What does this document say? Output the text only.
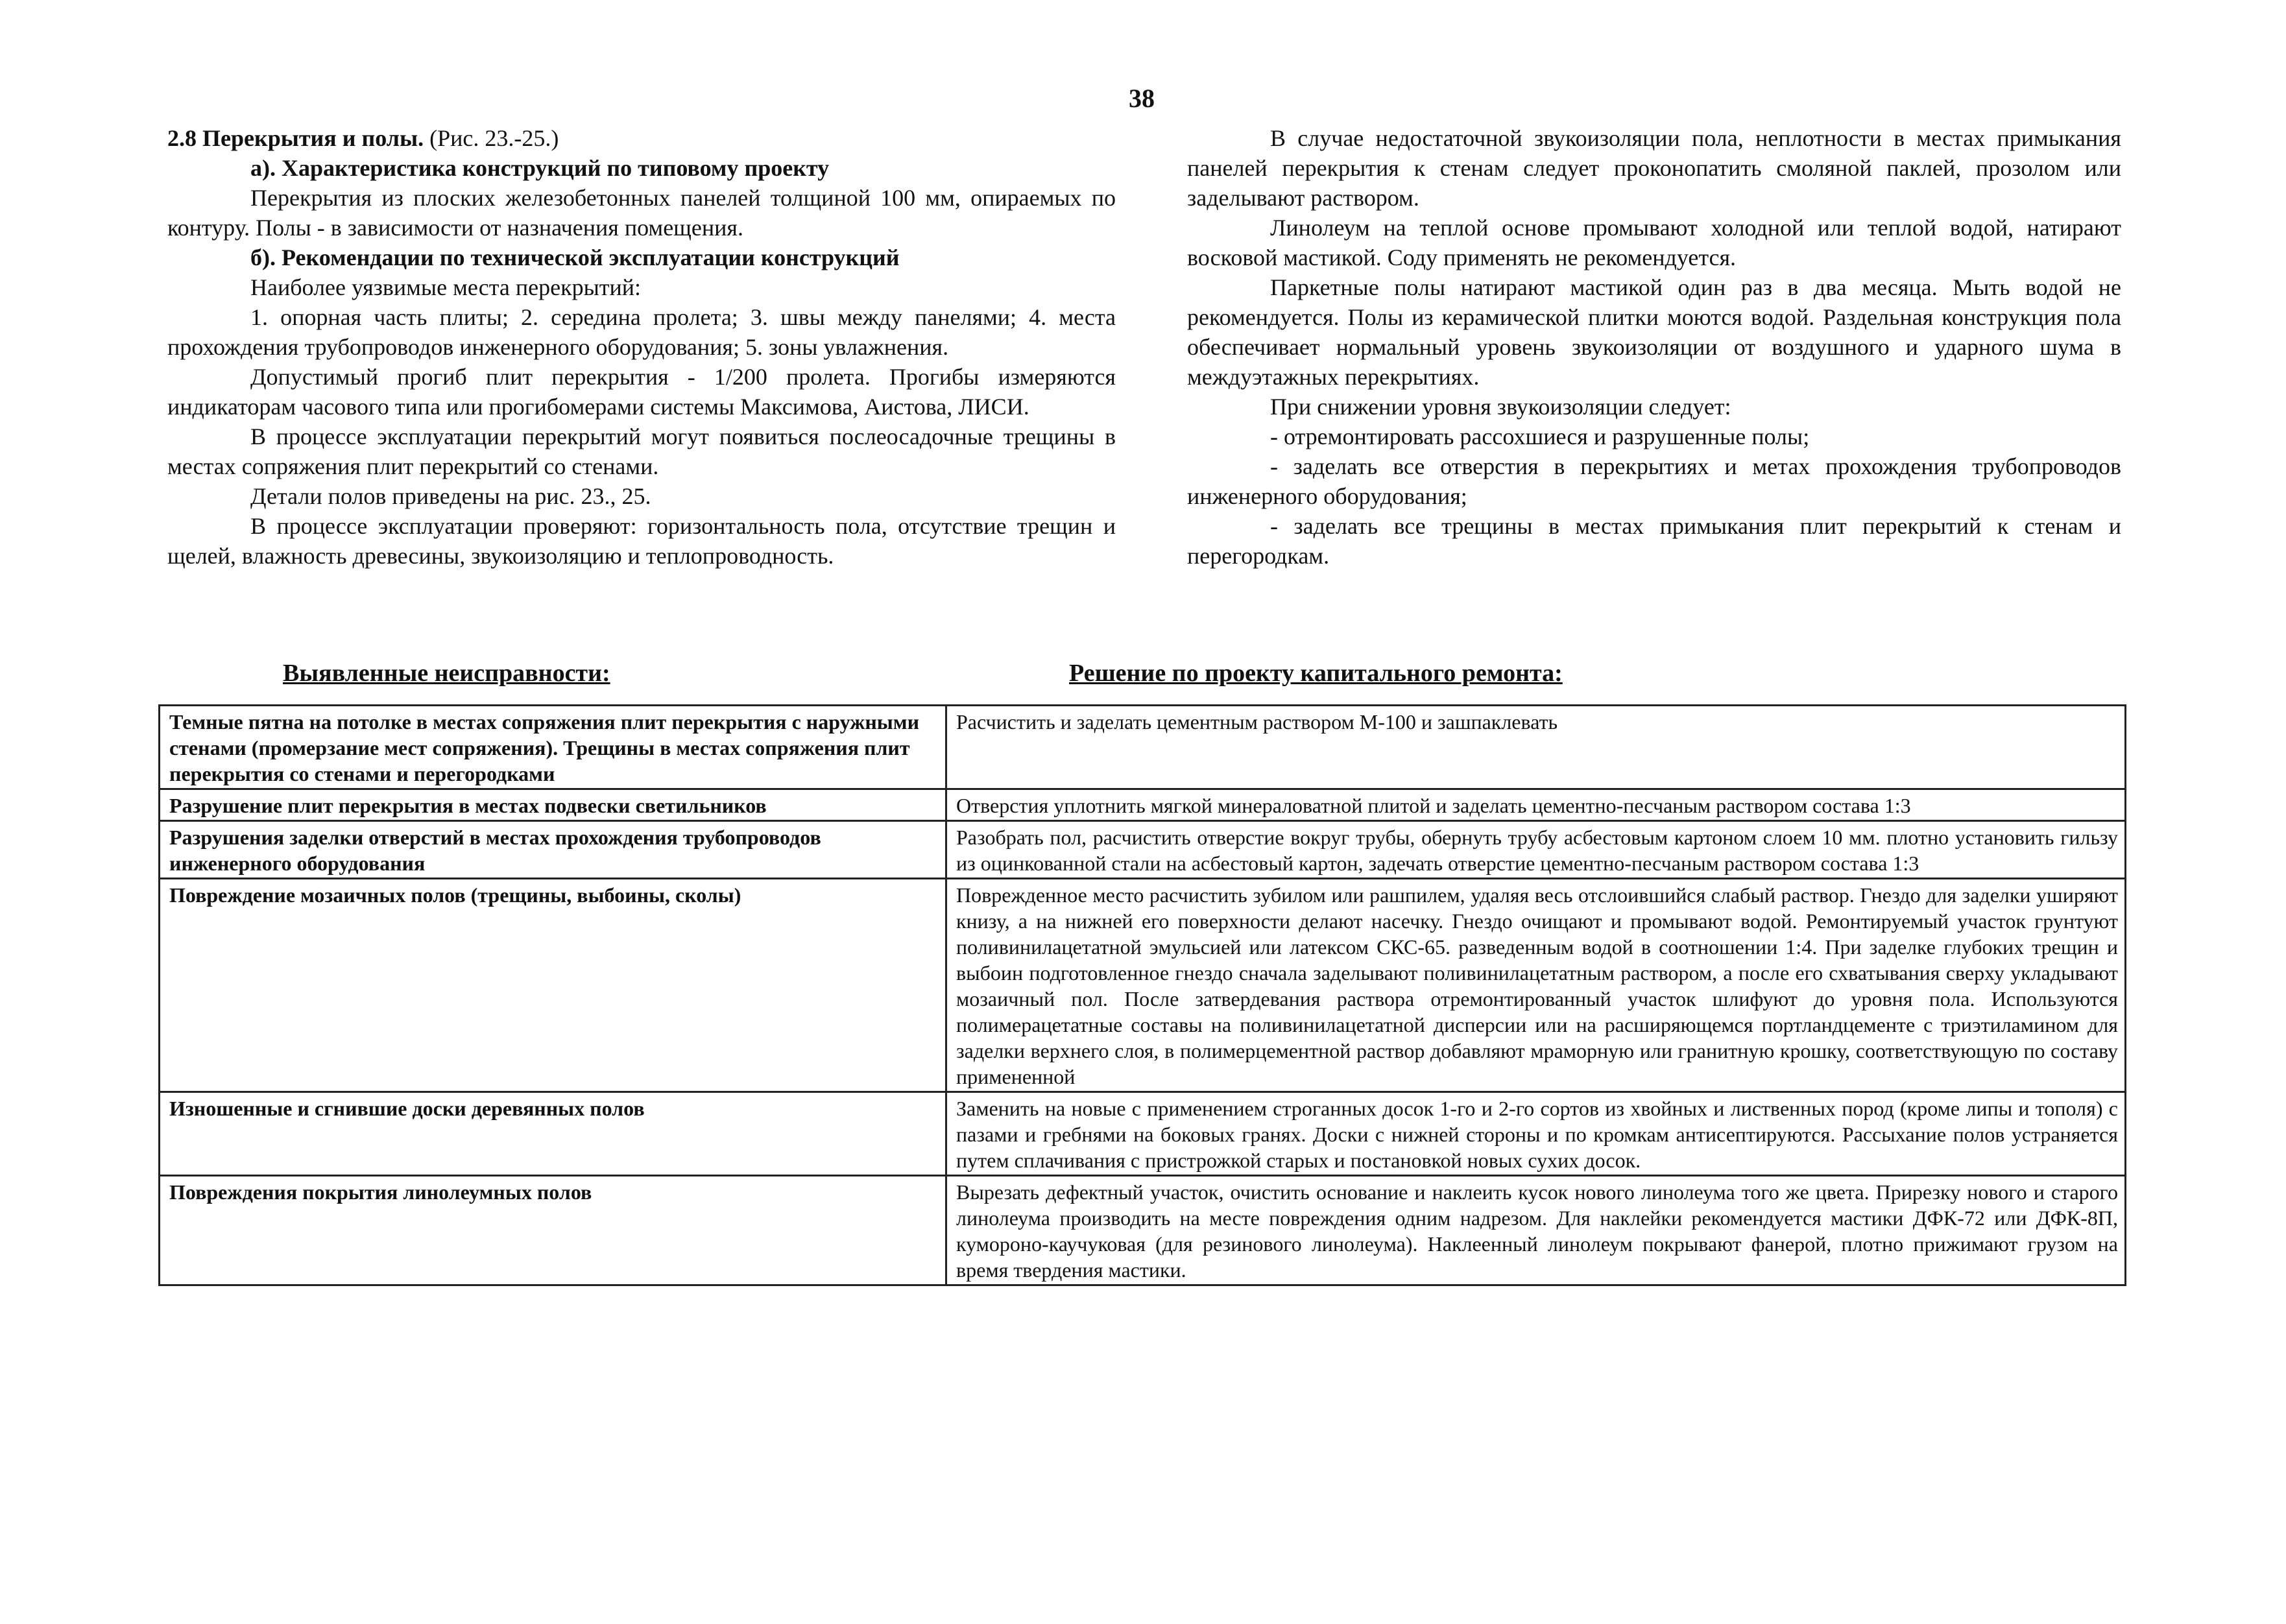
38

2.8 Перекрытия и полы. (Рис. 23.-25.)

а). Характеристика конструкций по типовому проекту

Перекрытия из плоских железобетонных панелей толщиной 100 мм, опираемых по контуру. Полы - в зависимости от назначения помещения.

б). Рекомендации по технической эксплуатации конструкций

Наиболее уязвимые места перекрытий:

1. опорная часть плиты; 2. середина пролета; 3. швы между панелями; 4. места прохождения трубопроводов инженерного оборудования; 5. зоны увлажнения.

Допустимый прогиб плит перекрытия - 1/200 пролета. Прогибы измеряются индикаторам часового типа или прогибомерами системы Максимова, Аистова, ЛИСИ.

В процессе эксплуатации перекрытий могут появиться послеосадочные трещины в местах сопряжения плит перекрытий со стенами.

Детали полов приведены на рис. 23., 25.

В процессе эксплуатации проверяют: горизонтальность пола, отсутствие трещин и щелей, влажность древесины, звукоизоляцию и теплопроводность.

В случае недостаточной звукоизоляции пола, неплотности в местах примыкания панелей перекрытия к стенам следует проконопатить смоляной паклей, прозолом или заделывают раствором.

Линолеум на теплой основе промывают холодной или теплой водой, натирают восковой мастикой. Соду применять не рекомендуется.

Паркетные полы натирают мастикой один раз в два месяца. Мыть водой не рекомендуется. Полы из керамической плитки моются водой. Раздельная конструкция пола обеспечивает нормальный уровень звукоизоляции от воздушного и ударного шума в междуэтажных перекрытиях.

При снижении уровня звукоизоляции следует:

- отремонтировать рассохшиеся и разрушенные полы;

- заделать все отверстия в перекрытиях и метах прохождения трубопроводов инженерного оборудования;

- заделать все трещины в местах примыкания плит перекрытий к стенам и перегородкам.

Выявленные неисправности:	Решение по проекту капитального ремонта:
Темные пятна на потолке в местах сопряжения плит перекрытия с наружными стенами (промерзание мест сопряжения). Трещины в местах сопряжения плит перекрытия со стенами и перегородками	Расчистить и заделать цементным раствором М-100 и зашпаклевать
Разрушение плит перекрытия в местах подвески светильников	Отверстия уплотнить мягкой минераловатной плитой и заделать цементно-песчаным раствором состава 1:3
Разрушения заделки отверстий в местах прохождения трубопроводов инженерного оборудования	Разобрать пол, расчистить отверстие вокруг трубы, обернуть трубу асбестовым картоном слоем 10 мм. плотно установить гильзу из оцинкованной стали на асбестовый картон, задечать отверстие цементно-песчаным раствором состава 1:3
Повреждение мозаичных полов (трещины, выбоины, сколы)	Поврежденное место расчистить зубилом или рашпилем, удаляя весь отслоившийся слабый раствор. Гнездо для заделки уширяют книзу, а на нижней его поверхности делают насечку. Гнездо очищают и промывают водой. Ремонтируемый участок грунтуют поливинилацетатной эмульсией или латексом СКС-65. разведенным водой в соотношении 1:4. При заделке глубоких трещин и выбоин подготовленное гнездо сначала заделывают поливинилацетатным раствором, а после его схватывания сверху укладывают мозаичный пол. После затвердевания раствора отремонтированный участок шлифуют до уровня пола. Используются полимерацетатные составы на поливинилацетатной дисперсии или на расширяющемся портландцементе с триэтиламином для заделки верхнего слоя, в полимерцементной раствор добавляют мраморную или гранитную крошку, соответствующую по составу примененной
Изношенные и сгнившие доски деревянных полов	Заменить на новые с применением строганных досок 1-го и 2-го сортов из хвойных и лиственных пород (кроме липы и тополя) с пазами и гребнями на боковых гранях. Доски с нижней стороны и по кромкам антисептируются. Рассыхание полов устраняется путем сплачивания с пристрожкой старых и постановкой новых сухих досок.
Повреждения покрытия линолеумных полов	Вырезать дефектный участок, очистить основание и наклеить кусок нового линолеума того же цвета. Прирезку нового и старого линолеума производить на месте повреждения одним надрезом. Для наклейки рекомендуется мастики ДФК-72 или ДФК-8П, кумороно-каучуковая (для резинового линолеума). Наклеенный линолеум покрывают фанерой, плотно прижимают грузом на время твердения мастики.
